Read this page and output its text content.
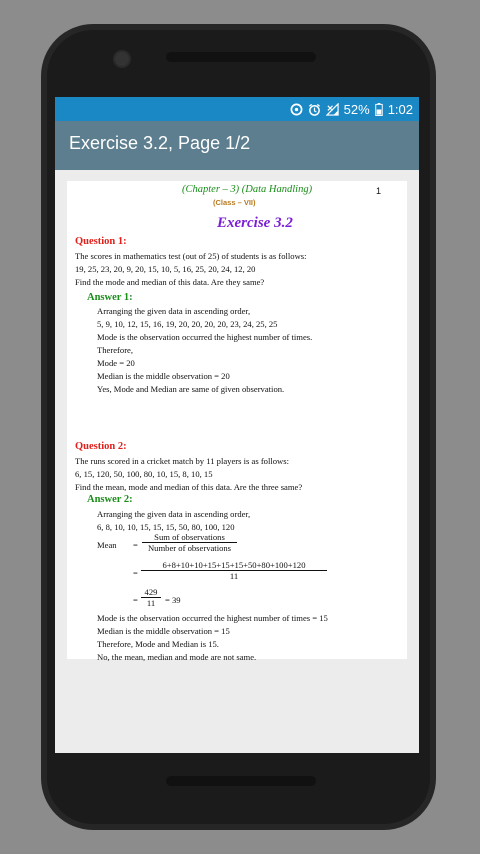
52% 1:02
Exercise 3.2, Page 1/2
(Chapter – 3) (Data Handling)
(Class – VII)
1
Exercise 3.2
Question 1:
The scores in mathematics test (out of 25) of students is as follows:
19, 25, 23, 20, 9, 20, 15, 10, 5, 16, 25, 20, 24, 12, 20
Find the mode and median of this data. Are they same?
Answer 1:
Arranging the given data in ascending order,
5, 9, 10, 12, 15, 16, 19, 20, 20, 20, 20, 23, 24, 25, 25
Mode is the observation occurred the highest number of times.
Therefore,
Mode = 20
Median is the middle observation = 20
Yes, Mode and Median are same of given observation.
Question 2:
The runs scored in a cricket match by 11 players is as follows:
6, 15, 120, 50, 100, 80, 10, 15, 8, 10, 15
Find the mean, mode and median of this data. Are the three same?
Answer 2:
Arranging the given data in ascending order,
6, 8, 10, 10, 15, 15, 15, 50, 80, 100, 120
Mean =
Sum of observations
Number of observations
=
6+8+10+10+15+15+15+50+80+100+120
11
=
429
11	= 39
Mode is the observation occurred the highest number of times = 15
Median is the middle observation = 15
Therefore, Mode and Median is 15.
No, the mean, median and mode are not same.
